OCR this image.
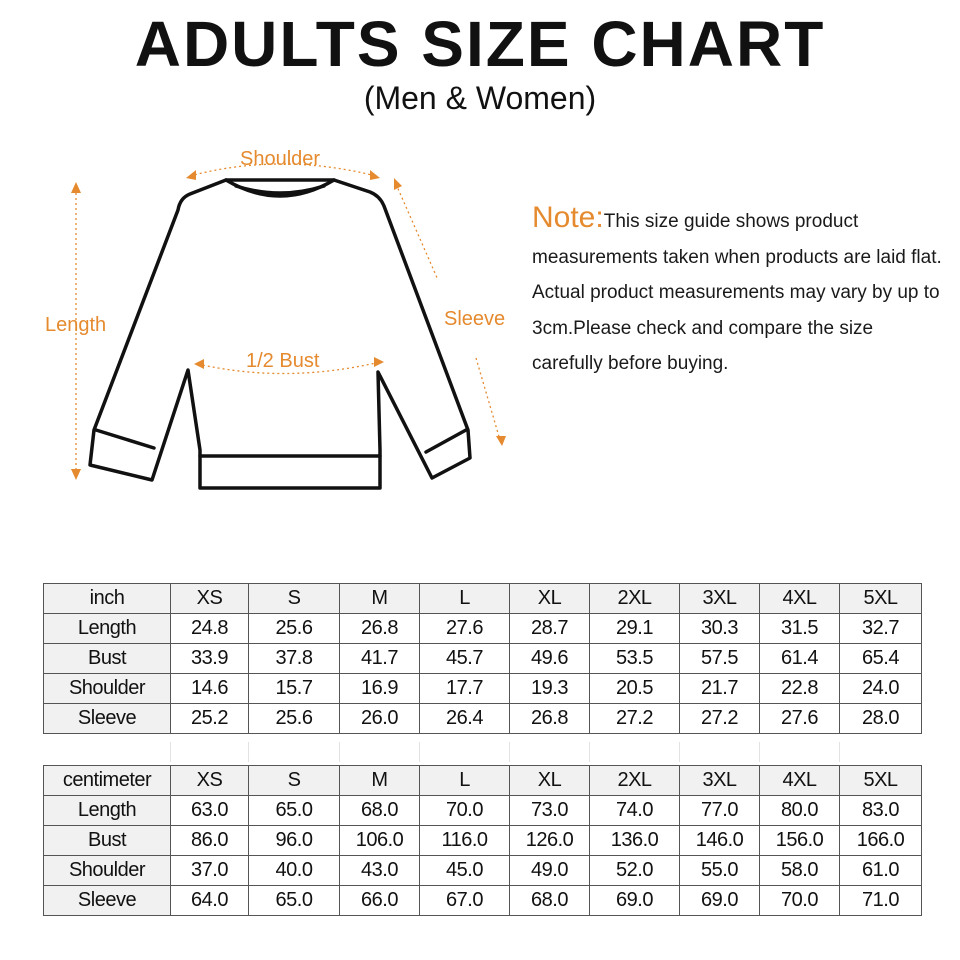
ADULTS SIZE CHART
(Men & Women)
Shoulder
Length	Sleeve
1/2 Bust
Note:This size guide shows product measurements taken when products are laid flat. Actual product measurements may vary by up to 3cm.Please check and compare the size carefully before buying.
inch	XS	S	M	L	XL	2XL	3XL	4XL	5XL
Length	24.8	25.6	26.8	27.6	28.7	29.1	30.3	31.5	32.7
Bust	33.9	37.8	41.7	45.7	49.6	53.5	57.5	61.4	65.4
Shoulder	14.6	15.7	16.9	17.7	19.3	20.5	21.7	22.8	24.0
Sleeve	25.2	25.6	26.0	26.4	26.8	27.2	27.2	27.6	28.0
centimeter	XS	S	M	L	XL	2XL	3XL	4XL	5XL
Length	63.0	65.0	68.0	70.0	73.0	74.0	77.0	80.0	83.0
Bust	86.0	96.0	106.0	116.0	126.0	136.0	146.0	156.0	166.0
Shoulder	37.0	40.0	43.0	45.0	49.0	52.0	55.0	58.0	61.0
Sleeve	64.0	65.0	66.0	67.0	68.0	69.0	69.0	70.0	71.0
